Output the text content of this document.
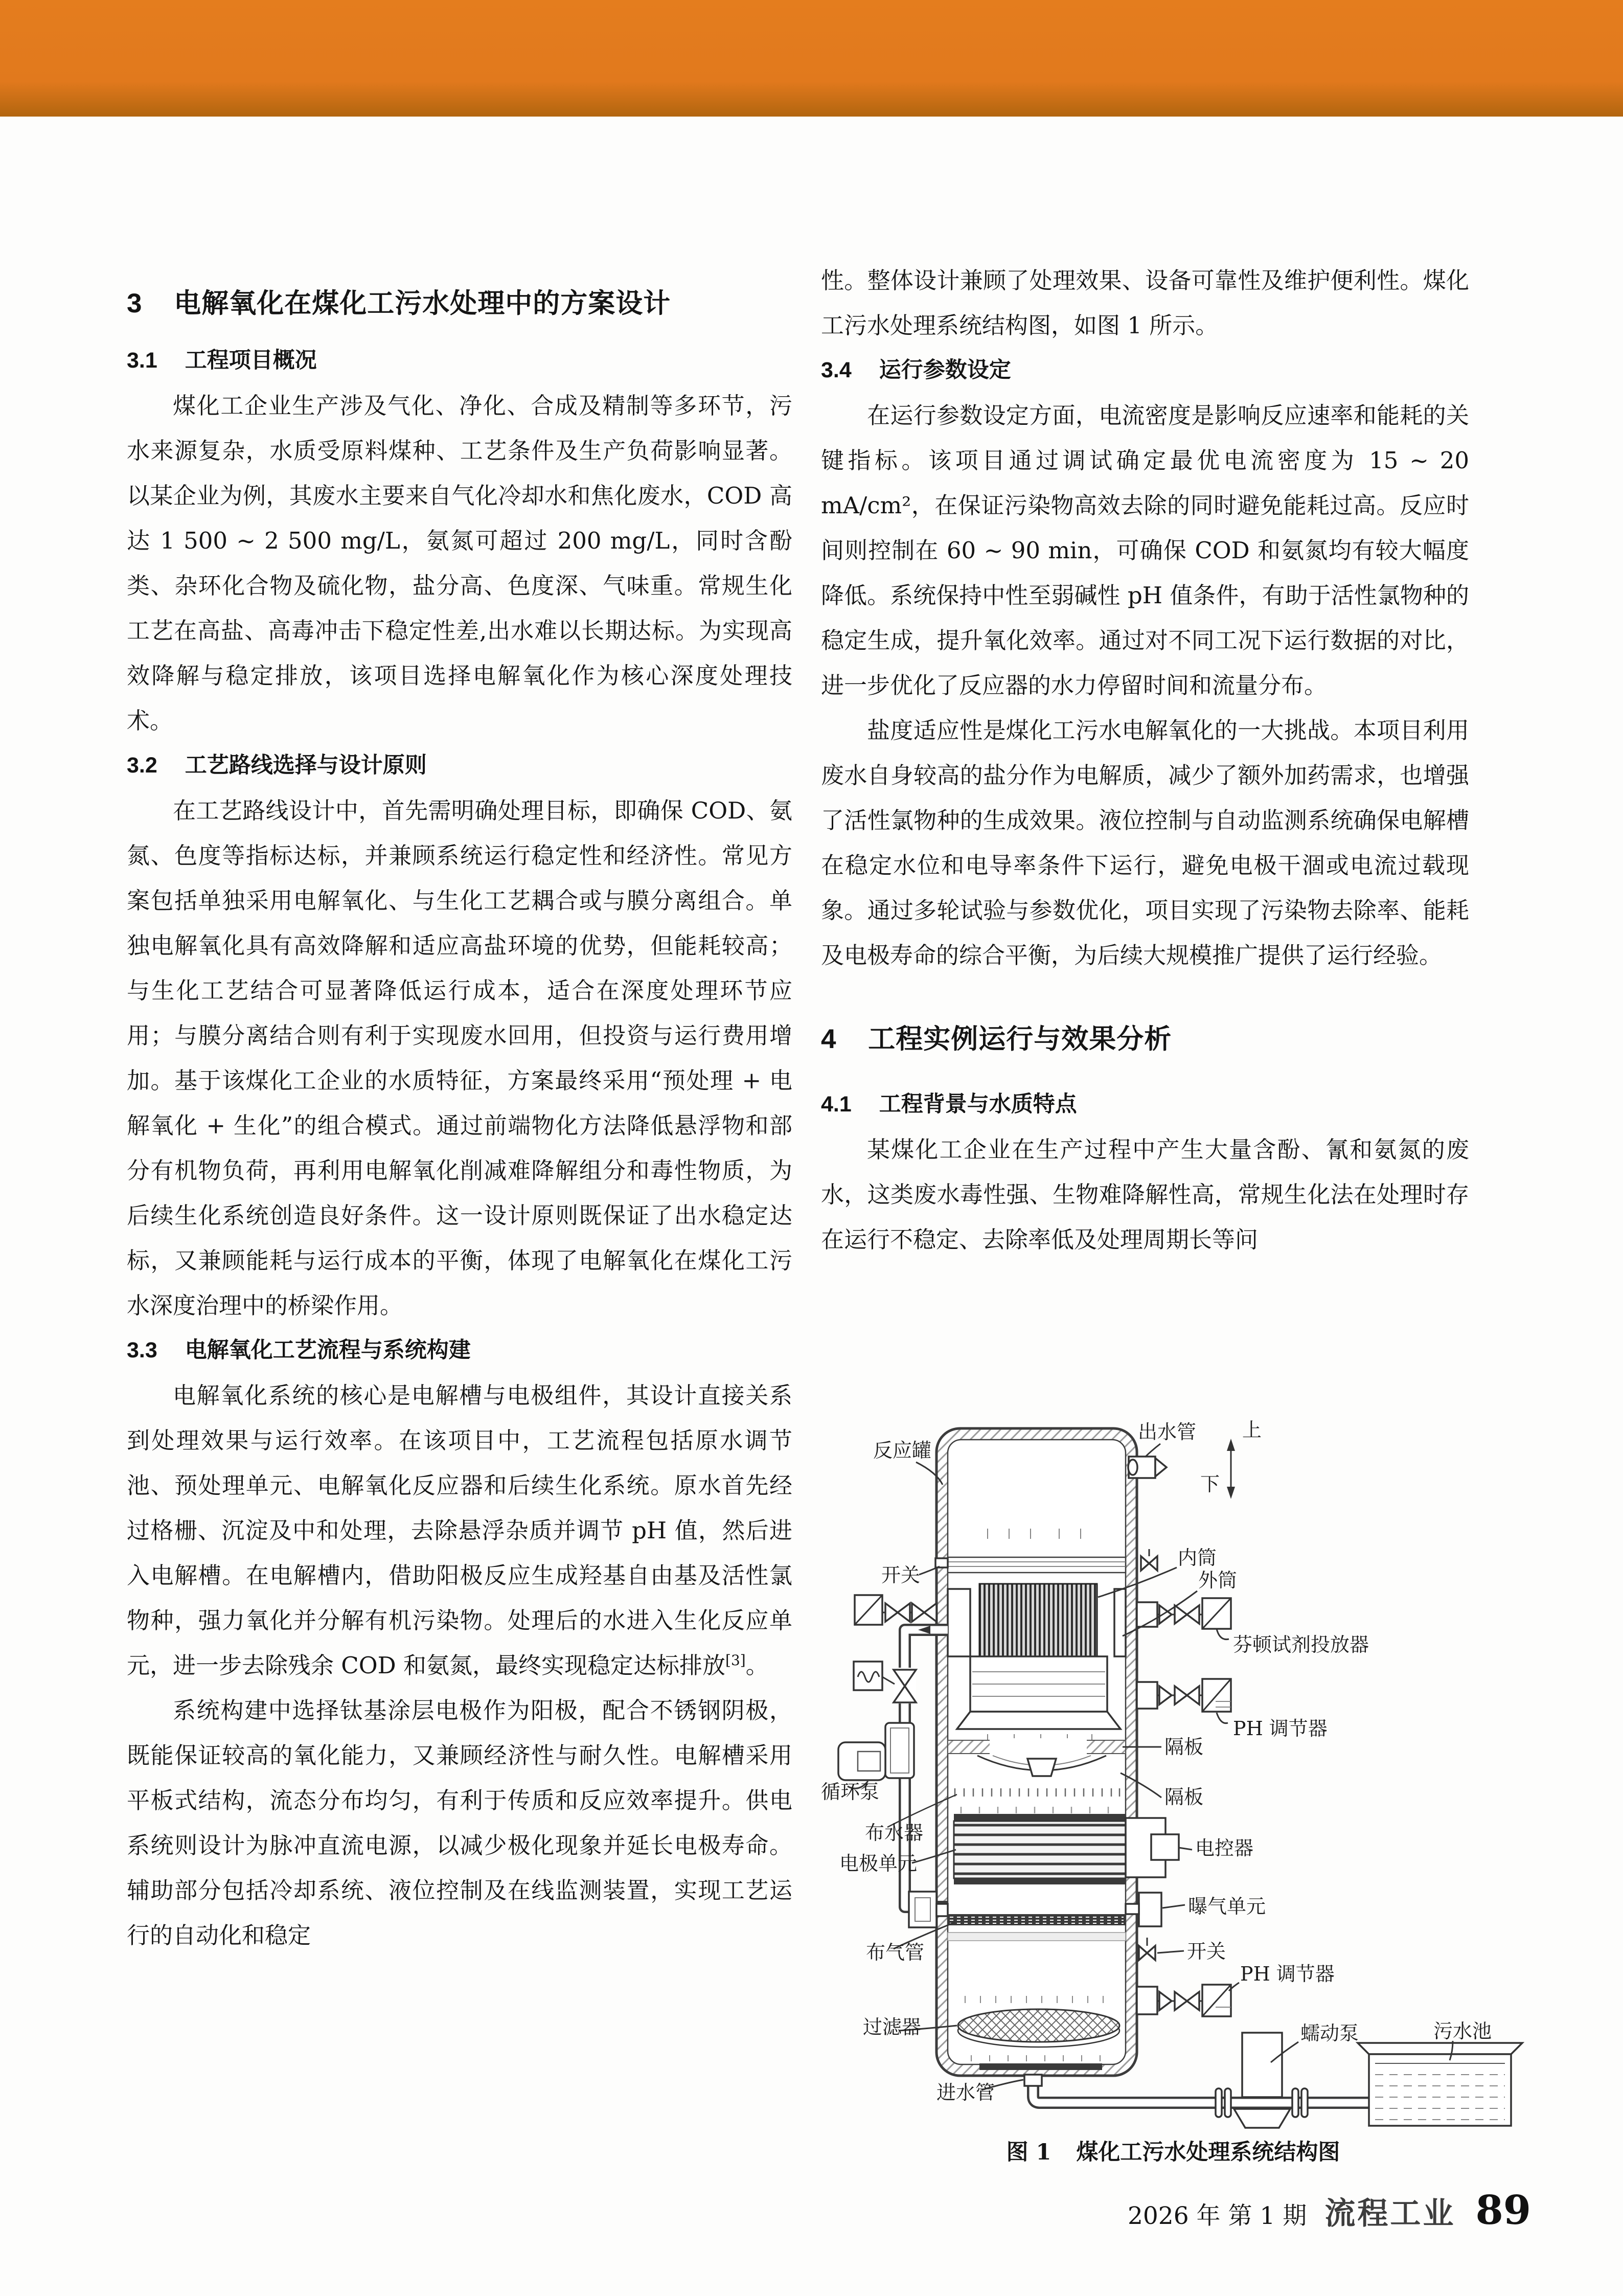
3 电解氧化在煤化工污水处理中的方案设计
3.1 工程项目概况

煤化工企业生产涉及气化、净化、合成及精制等多环节，污水来源复杂，水质受原料煤种、工艺条件及生产负荷影响显著。以某企业为例，其废水主要来自气化冷却水和焦化废水，COD 高达 1 500 ~ 2 500 mg/L，氨氮可超过 200 mg/L，同时含酚类、杂环化合物及硫化物，盐分高、色度深、气味重。常规生化工艺在高盐、高毒冲击下稳定性差,出水难以长期达标。为实现高效降解与稳定排放，该项目选择电解氧化作为核心深度处理技术。

3.2 工艺路线选择与设计原则

在工艺路线设计中，首先需明确处理目标，即确保 COD、氨氮、色度等指标达标，并兼顾系统运行稳定性和经济性。常见方案包括单独采用电解氧化、与生化工艺耦合或与膜分离组合。单独电解氧化具有高效降解和适应高盐环境的优势，但能耗较高；与生化工艺结合可显著降低运行成本，适合在深度处理环节应用；与膜分离结合则有利于实现废水回用，但投资与运行费用增加。基于该煤化工企业的水质特征，方案最终采用“预处理 + 电解氧化 + 生化”的组合模式。通过前端物化方法降低悬浮物和部分有机物负荷，再利用电解氧化削减难降解组分和毒性物质，为后续生化系统创造良好条件。这一设计原则既保证了出水稳定达标，又兼顾能耗与运行成本的平衡，体现了电解氧化在煤化工污水深度治理中的桥梁作用。

3.3 电解氧化工艺流程与系统构建

电解氧化系统的核心是电解槽与电极组件，其设计直接关系到处理效果与运行效率。在该项目中，工艺流程包括原水调节池、预处理单元、电解氧化反应器和后续生化系统。原水首先经过格栅、沉淀及中和处理，去除悬浮杂质并调节 pH 值，然后进入电解槽。在电解槽内，借助阳极反应生成羟基自由基及活性氯物种，强力氧化并分解有机污染物。处理后的水进入生化反应单元，进一步去除残余 COD 和氨氮，最终实现稳定达标排放[3]。

系统构建中选择钛基涂层电极作为阳极，配合不锈钢阴极，既能保证较高的氧化能力，又兼顾经济性与耐久性。电解槽采用平板式结构，流态分布均匀，有利于传质和反应效率提升。供电系统则设计为脉冲直流电源，以减少极化现象并延长电极寿命。辅助部分包括冷却系统、液位控制及在线监测装置，实现工艺运行的自动化和稳定

性。整体设计兼顾了处理效果、设备可靠性及维护便利性。煤化工污水处理系统结构图，如图 1 所示。

3.4 运行参数设定

在运行参数设定方面，电流密度是影响反应速率和能耗的关键指标。该项目通过调试确定最优电流密度为 15 ~ 20 mA/cm²，在保证污染物高效去除的同时避免能耗过高。反应时间则控制在 60 ~ 90 min，可确保 COD 和氨氮均有较大幅度降低。系统保持中性至弱碱性 pH 值条件，有助于活性氯物种的稳定生成，提升氧化效率。通过对不同工况下运行数据的对比，进一步优化了反应器的水力停留时间和流量分布。

盐度适应性是煤化工污水电解氧化的一大挑战。本项目利用废水自身较高的盐分作为电解质，减少了额外加药需求，也增强了活性氯物种的生成效果。液位控制与自动监测系统确保电解槽在稳定水位和电导率条件下运行，避免电极干涸或电流过载现象。通过多轮试验与参数优化，项目实现了污染物去除率、能耗及电极寿命的综合平衡，为后续大规模推广提供了运行经验。

4 工程实例运行与效果分析
4.1 工程背景与水质特点

某煤化工企业在生产过程中产生大量含酚、氰和氨氮的废水，这类废水毒性强、生物难降解性高，常规生化法在处理时存在运行不稳定、去除率低及处理周期长等问

反应罐
出水管 上
下
开关
内筒
外筒
芬顿试剂投放器
PH 调节器
隔板
隔板
循环泵
布水器
电极单元
电控器
曝气单元
布气管	开关
PH 调节器
过滤器
进水管
蠕动泵	污水池
图 1 煤化工污水处理系统结构图
2026 年 第 1 期 流程工业 89
